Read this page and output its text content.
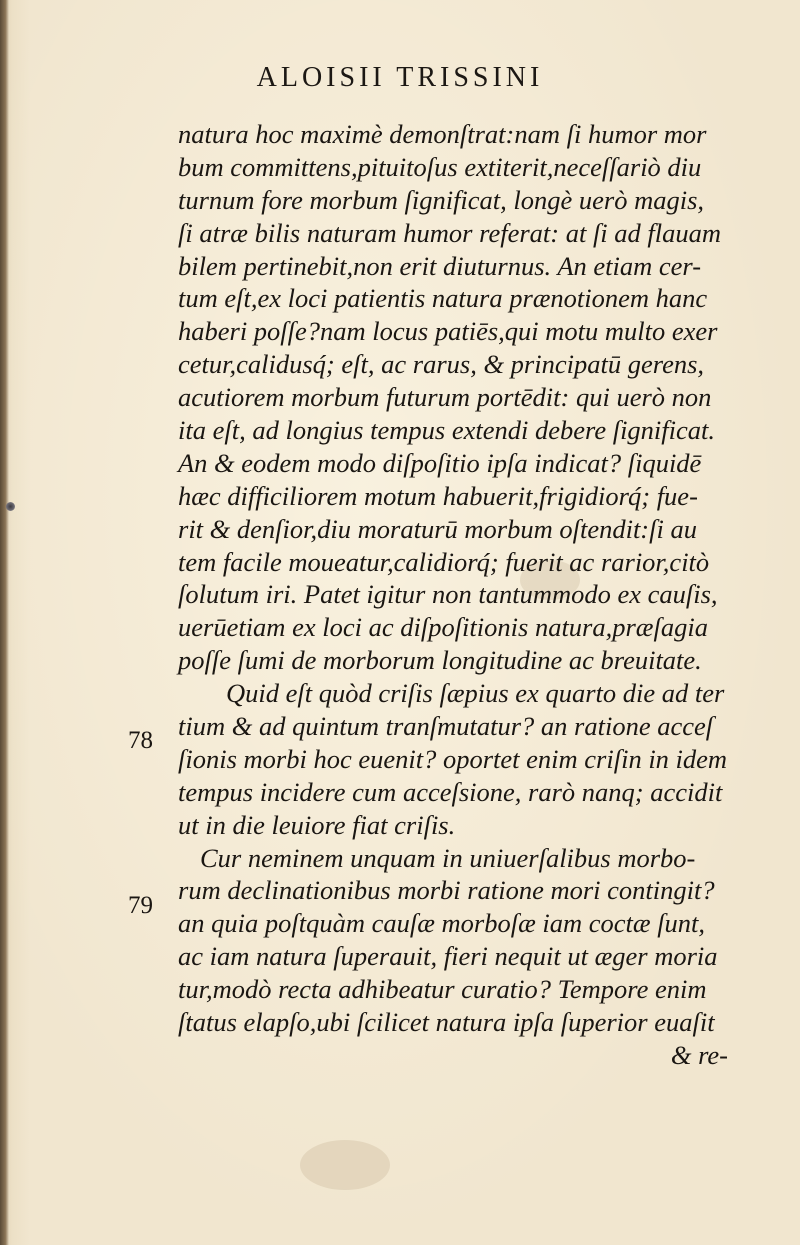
ALOISII TRISSINI
natura hoc maximè demonſtrat:nam ſi humor mor
bum committens,pituitoſus extiterit,neceſſariò diu
turnum fore morbum ſignificat, longè uerò magis,
ſi atræ bilis naturam humor referat: at ſi ad flauam
bilem pertinebit,non erit diuturnus. An etiam cer-
tum eſt,ex loci patientis natura prænotionem hanc
haberi poſſe?nam locus patiēs,qui motu multo exer
cetur,calidusq́; eſt, ac rarus, & principatū gerens,
acutiorem morbum futurum portēdit: qui uerò non
ita eſt, ad longius tempus extendi debere ſignificat.
An & eodem modo diſpoſitio ipſa indicat? ſiquidē
hæc difficiliorem motum habuerit,frigidiorq́; fue-
rit & denſior,diu moraturū morbum oſtendit:ſi au
tem facile moueatur,calidiorq́; fuerit ac rarior,citò
ſolutum iri. Patet igitur non tantummodo ex cauſis,
uerūetiam ex loci ac diſpoſitionis natura,præſagia
poſſe ſumi de morborum longitudine ac breuitate.
Quid eſt quòd criſis ſæpius ex quarto die ad ter
tium & ad quintum tranſmutatur? an ratione acceſ
ſionis morbi hoc euenit? oportet enim criſin in idem
tempus incidere cum acceſsione, rarò nanq; accidit
ut in die leuiore fiat criſis.
Cur neminem unquam in uniuerſalibus morbo-
rum declinationibus morbi ratione mori contingit?
an quia poſtquàm cauſæ morboſæ iam coctæ ſunt,
ac iam natura ſuperauit, fieri nequit ut æger moria
tur,modò recta adhibeatur curatio? Tempore enim
ſtatus elapſo,ubi ſcilicet natura ipſa ſuperior euaſit
& re-
78
79
